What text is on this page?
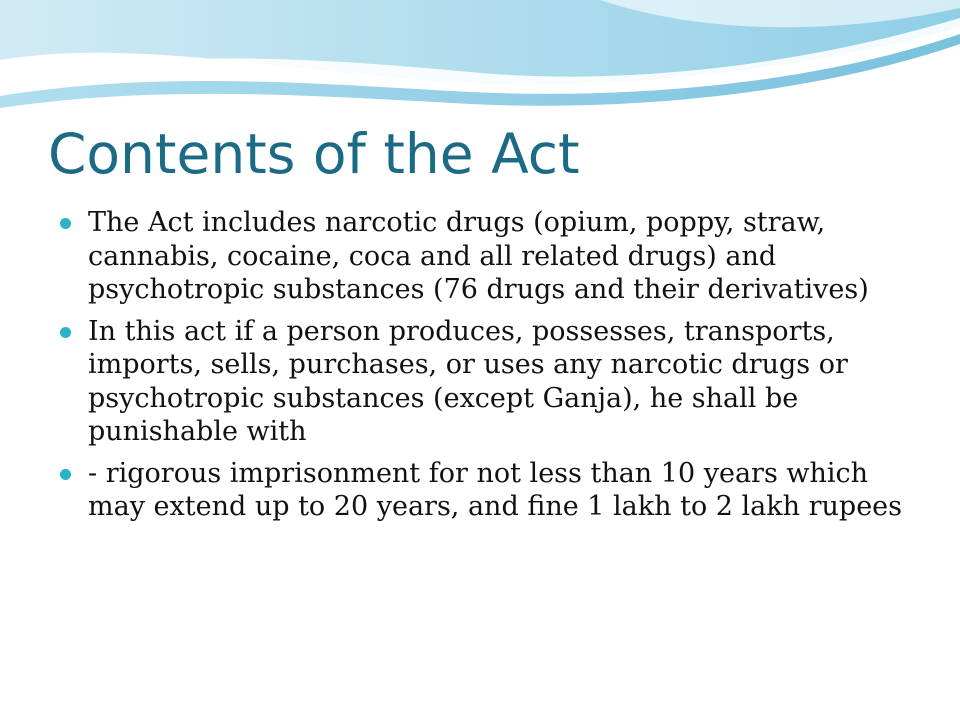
Contents of the Act
The Act includes narcotic drugs (opium, poppy, straw, cannabis, cocaine, coca and all related drugs) and psychotropic substances (76 drugs and their derivatives)
In this act if a person produces, possesses, transports, imports, sells, purchases, or uses any narcotic drugs or psychotropic substances (except Ganja), he shall be punishable with
- rigorous imprisonment for not less than 10 years which may extend up to 20 years, and fine 1 lakh to 2 lakh rupees
